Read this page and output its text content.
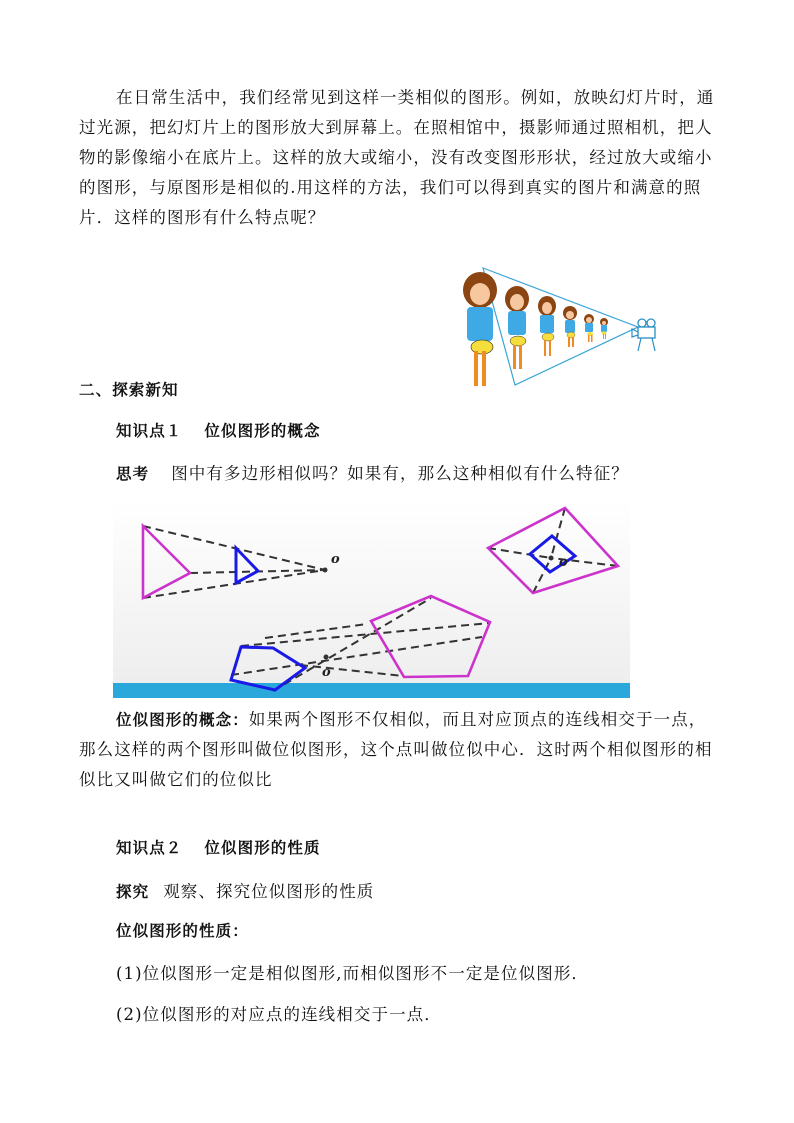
在日常生活中，我们经常见到这样一类相似的图形。例如，放映幻灯片时，通过光源，把幻灯片上的图形放大到屏幕上。在照相馆中，摄影师通过照相机，把人物的影像缩小在底片上。这样的放大或缩小，没有改变图形形状，经过放大或缩小的图形，与原图形是相似的.用这样的方法，我们可以得到真实的图片和满意的照片．这样的图形有什么特点呢？

二、探索新知

知识点１ 位似图形的概念

思考 图中有多边形相似吗？如果有，那么这种相似有什么特征？

o
o
o

位似图形的概念：如果两个图形不仅相似，而且对应顶点的连线相交于一点，那么这样的两个图形叫做位似图形，这个点叫做位似中心．这时两个相似图形的相似比又叫做它们的位似比

知识点２ 位似图形的性质

探究 观察、探究位似图形的性质

位似图形的性质：

(1)位似图形一定是相似图形,而相似图形不一定是位似图形．

(2)位似图形的对应点的连线相交于一点．
